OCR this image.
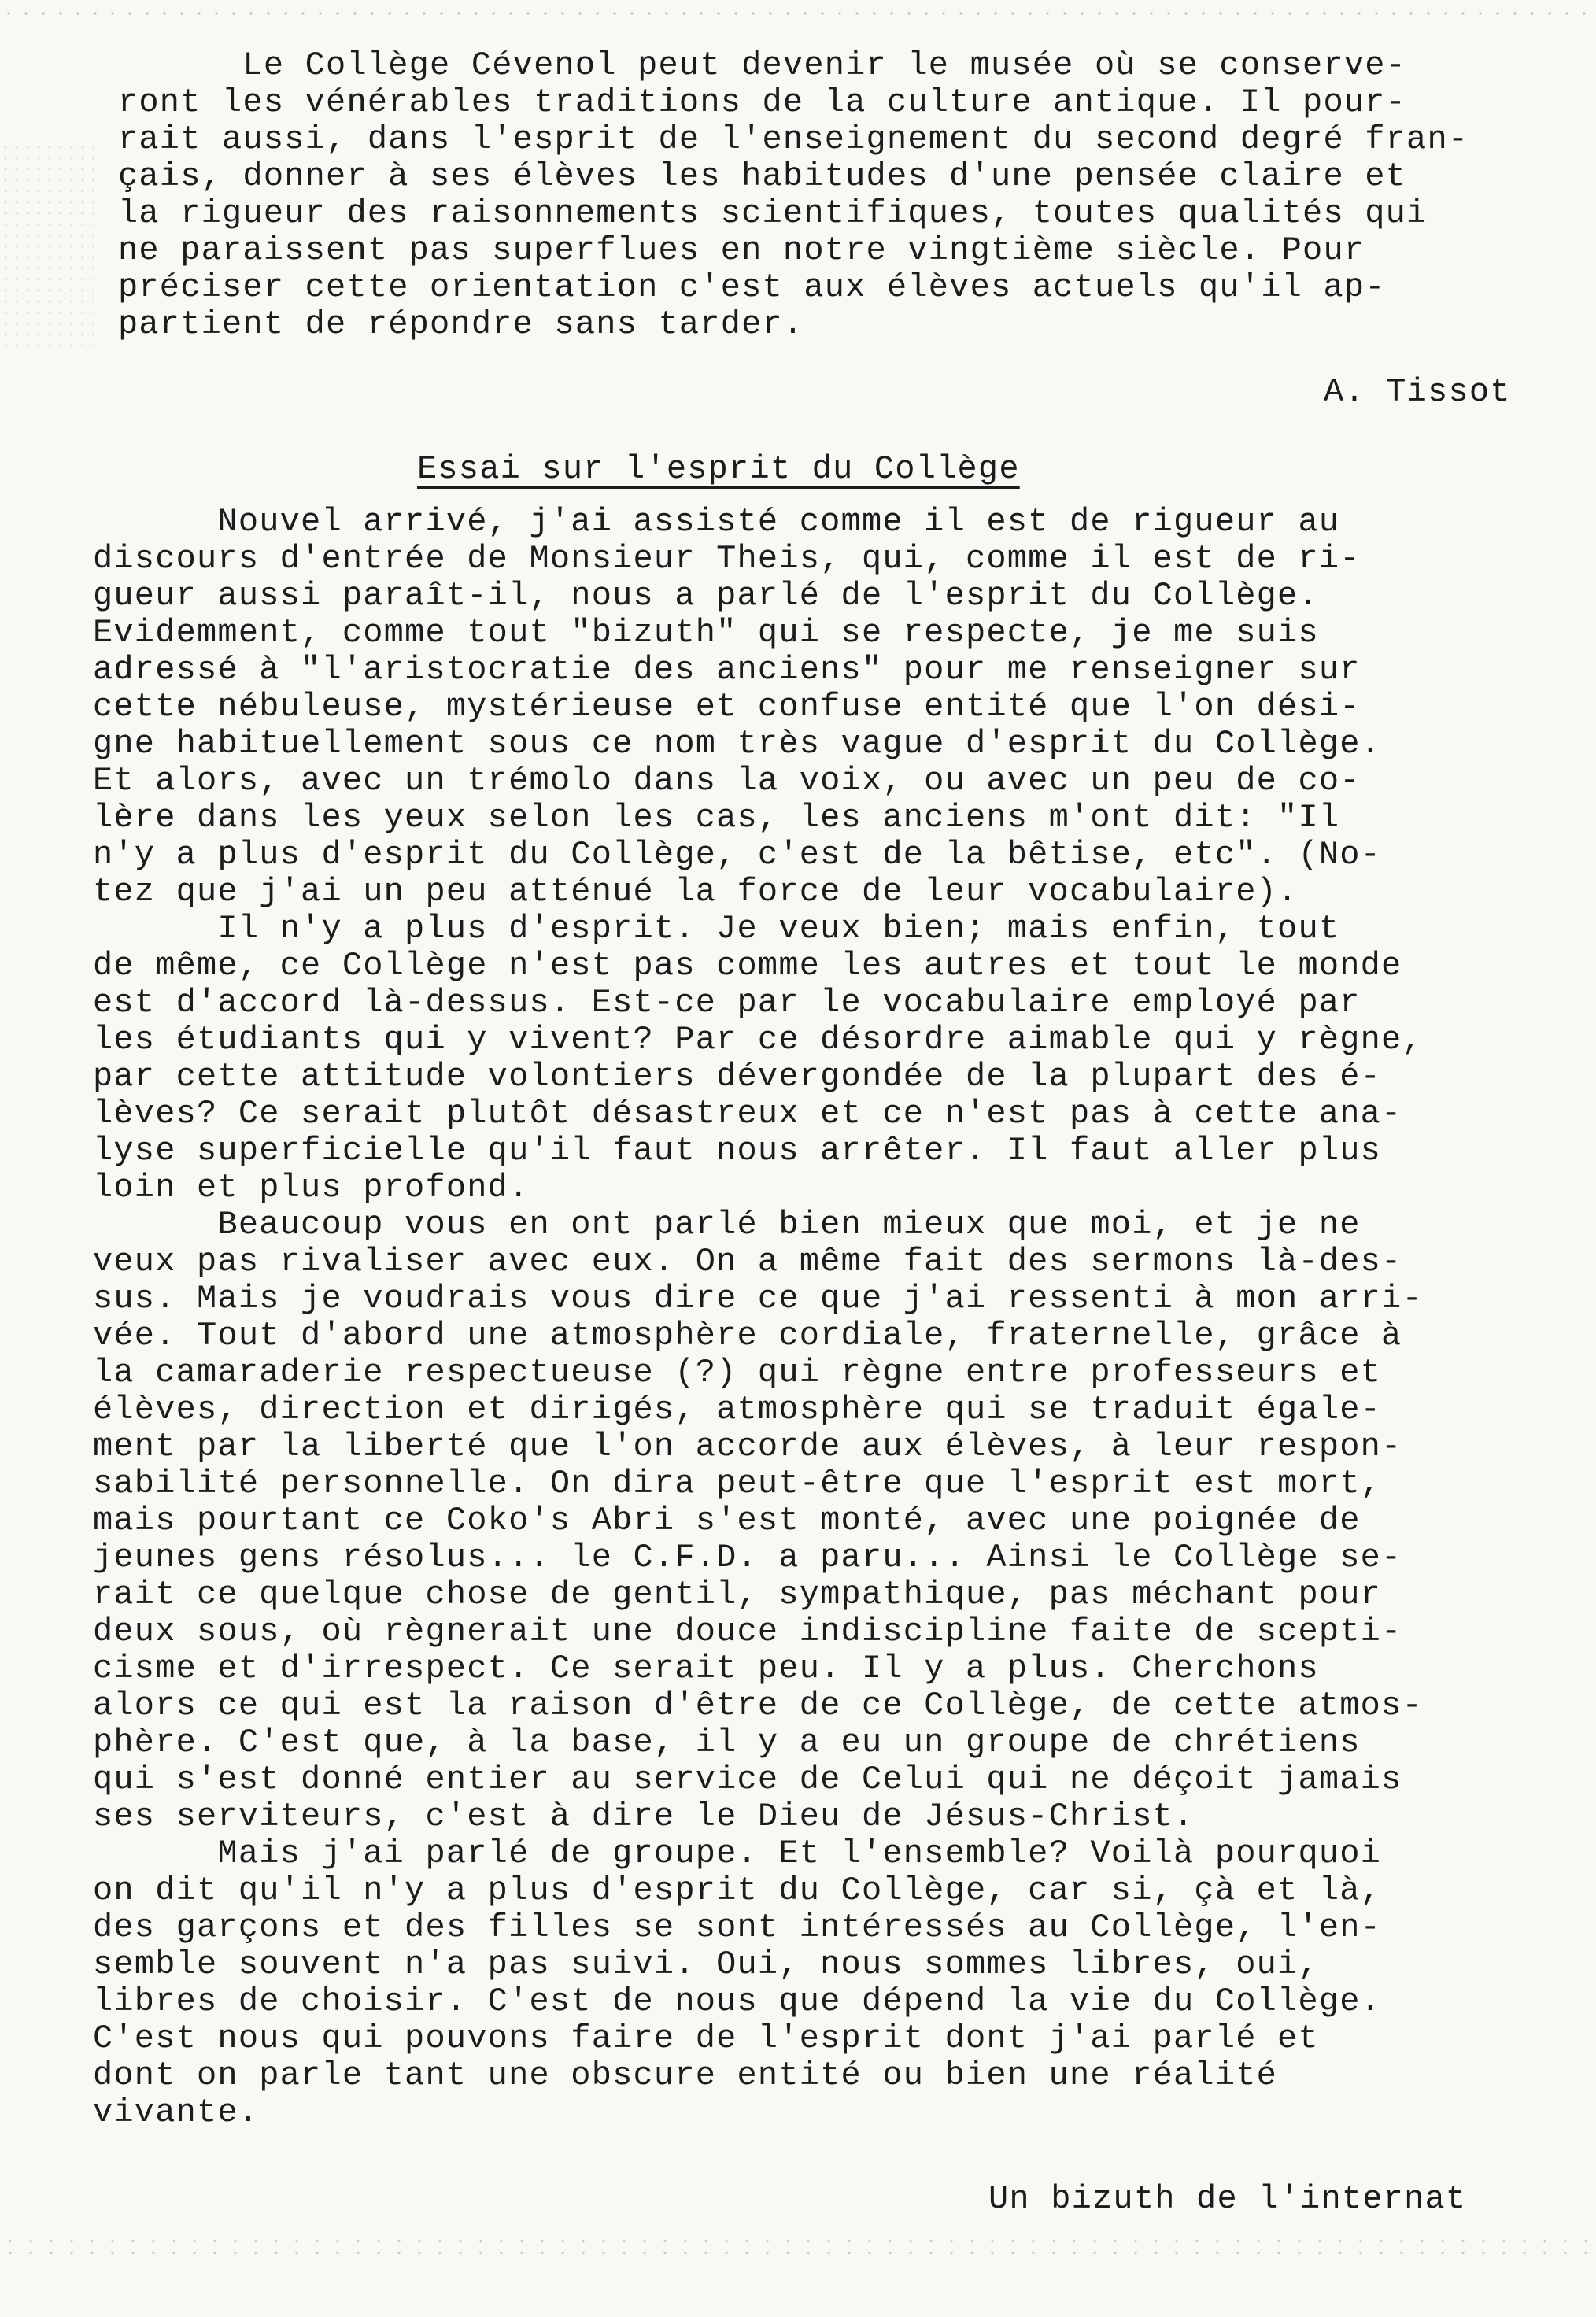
Le Collège Cévenol peut devenir le musée où se conserve-
ront les vénérables traditions de la culture antique. Il pour-
rait aussi, dans l'esprit de l'enseignement du second degré fran-
çais, donner à ses élèves les habitudes d'une pensée claire et
la rigueur des raisonnements scientifiques, toutes qualités qui
ne paraissent pas superflues en notre vingtième siècle. Pour
préciser cette orientation c'est aux élèves actuels qu'il ap-
partient de répondre sans tarder.
A. Tissot
Essai sur l'esprit du Collège
Nouvel arrivé, j'ai assisté comme il est de rigueur au
discours d'entrée de Monsieur Theis, qui, comme il est de ri-
gueur aussi paraît-il, nous a parlé de l'esprit du Collège.
Evidemment, comme tout "bizuth" qui se respecte, je me suis
adressé à "l'aristocratie des anciens" pour me renseigner sur
cette nébuleuse, mystérieuse et confuse entité que l'on dési-
gne habituellement sous ce nom très vague d'esprit du Collège.
Et alors, avec un trémolo dans la voix, ou avec un peu de co-
lère dans les yeux selon les cas, les anciens m'ont dit: "Il
n'y a plus d'esprit du Collège, c'est de la bêtise, etc". (No-
tez que j'ai un peu atténué la force de leur vocabulaire).
Il n'y a plus d'esprit. Je veux bien; mais enfin, tout
de même, ce Collège n'est pas comme les autres et tout le monde
est d'accord là-dessus. Est-ce par le vocabulaire employé par
les étudiants qui y vivent? Par ce désordre aimable qui y règne,
par cette attitude volontiers dévergondée de la plupart des é-
lèves? Ce serait plutôt désastreux et ce n'est pas à cette ana-
lyse superficielle qu'il faut nous arrêter. Il faut aller plus
loin et plus profond.
Beaucoup vous en ont parlé bien mieux que moi, et je ne
veux pas rivaliser avec eux. On a même fait des sermons là-des-
sus. Mais je voudrais vous dire ce que j'ai ressenti à mon arri-
vée. Tout d'abord une atmosphère cordiale, fraternelle, grâce à
la camaraderie respectueuse (?) qui règne entre professeurs et
élèves, direction et dirigés, atmosphère qui se traduit égale-
ment par la liberté que l'on accorde aux élèves, à leur respon-
sabilité personnelle. On dira peut-être que l'esprit est mort,
mais pourtant ce Coko's Abri s'est monté, avec une poignée de
jeunes gens résolus... le C.F.D. a paru... Ainsi le Collège se-
rait ce quelque chose de gentil, sympathique, pas méchant pour
deux sous, où règnerait une douce indiscipline faite de scepti-
cisme et d'irrespect. Ce serait peu. Il y a plus. Cherchons
alors ce qui est la raison d'être de ce Collège, de cette atmos-
phère. C'est que, à la base, il y a eu un groupe de chrétiens
qui s'est donné entier au service de Celui qui ne déçoit jamais
ses serviteurs, c'est à dire le Dieu de Jésus-Christ.
Mais j'ai parlé de groupe. Et l'ensemble? Voilà pourquoi
on dit qu'il n'y a plus d'esprit du Collège, car si, çà et là,
des garçons et des filles se sont intéressés au Collège, l'en-
semble souvent n'a pas suivi. Oui, nous sommes libres, oui,
libres de choisir. C'est de nous que dépend la vie du Collège.
C'est nous qui pouvons faire de l'esprit dont j'ai parlé et
dont on parle tant une obscure entité ou bien une réalité
vivante.
Un bizuth de l'internat
